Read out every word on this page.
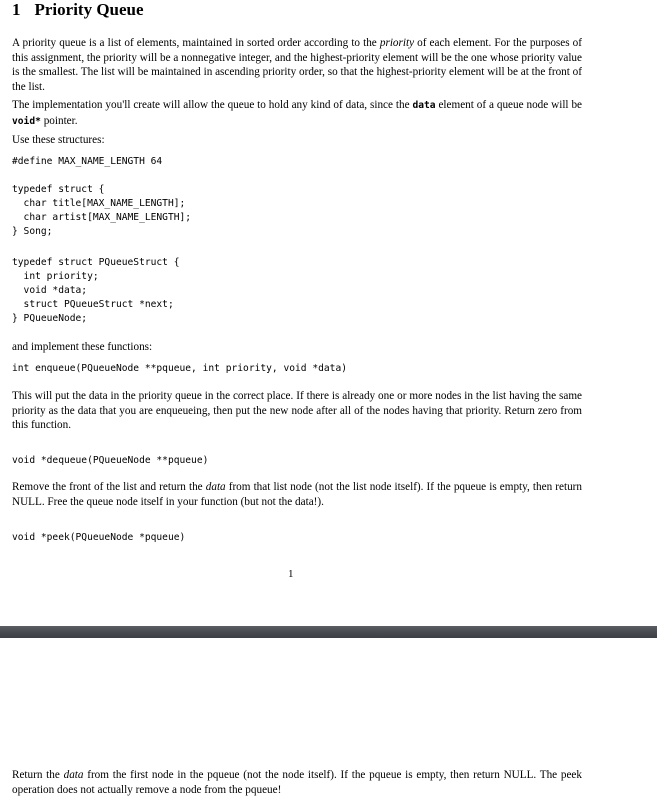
1 Priority Queue

A priority queue is a list of elements, maintained in sorted order according to the priority of each element. For the purposes of this assignment, the priority will be a nonnegative integer, and the highest-priority element will be the one whose priority value is the smallest. The list will be maintained in ascending priority order, so that the highest-priority element will be at the front of the list.

The implementation you'll create will allow the queue to hold any kind of data, since the data element of a queue node will be void* pointer.

Use these structures:

#define MAX_NAME_LENGTH 64
typedef struct {
char title[MAX_NAME_LENGTH];
char artist[MAX_NAME_LENGTH];
} Song;
typedef struct PQueueStruct {
int priority;
void *data;
struct PQueueStruct *next;
} PQueueNode;

and implement these functions:

int enqueue(PQueueNode **pqueue, int priority, void *data)

This will put the data in the priority queue in the correct place. If there is already one or more nodes in the list having the same priority as the data that you are enqueueing, then put the new node after all of the nodes having that priority. Return zero from this function.

void *dequeue(PQueueNode **pqueue)

Remove the front of the list and return the data from that list node (not the list node itself). If the pqueue is empty, then return NULL. Free the queue node itself in your function (but not the data!).

void *peek(PQueueNode *pqueue)
1

Return the data from the first node in the pqueue (not the node itself). If the pqueue is empty, then return NULL. The peek operation does not actually remove a node from the pqueue!
